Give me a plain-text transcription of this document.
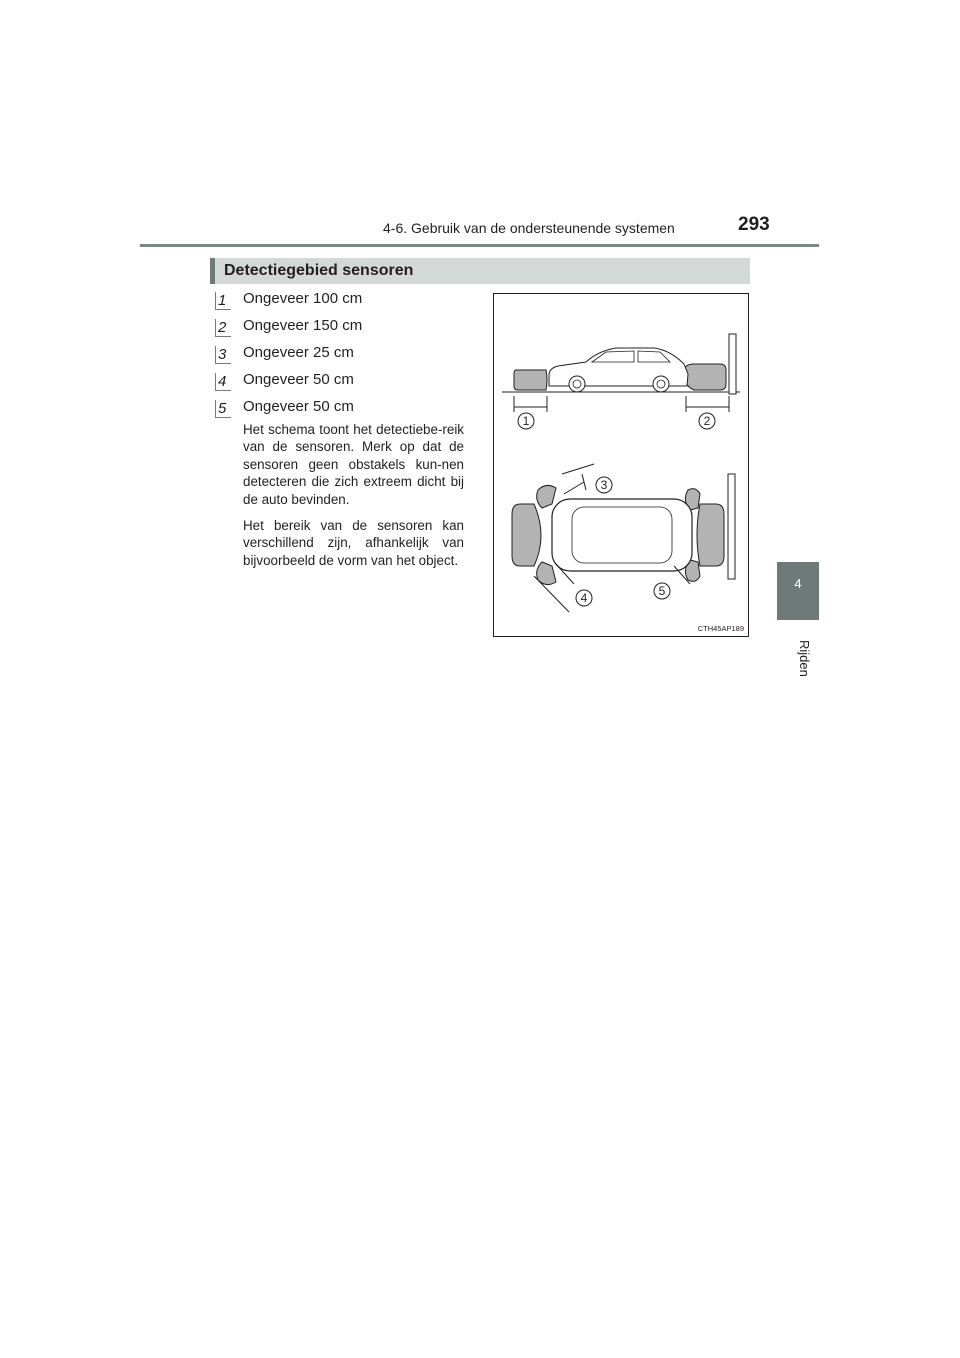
4-6. Gebruik van de ondersteunende systemen	293
4
Rijden
Detectiegebied sensoren
1	Ongeveer 100 cm
2	Ongeveer 150 cm
3	Ongeveer 25 cm
4	Ongeveer 50 cm
5	Ongeveer 50 cm
Het schema toont het detectiebe-reik van de sensoren. Merk op dat de sensoren geen obstakels kun-nen detecteren die zich extreem dicht bij de auto bevinden.
Het bereik van de sensoren kan verschillend zijn, afhankelijk van bijvoorbeeld de vorm van het object.
1	2
3
4	5
CTH45AP189
